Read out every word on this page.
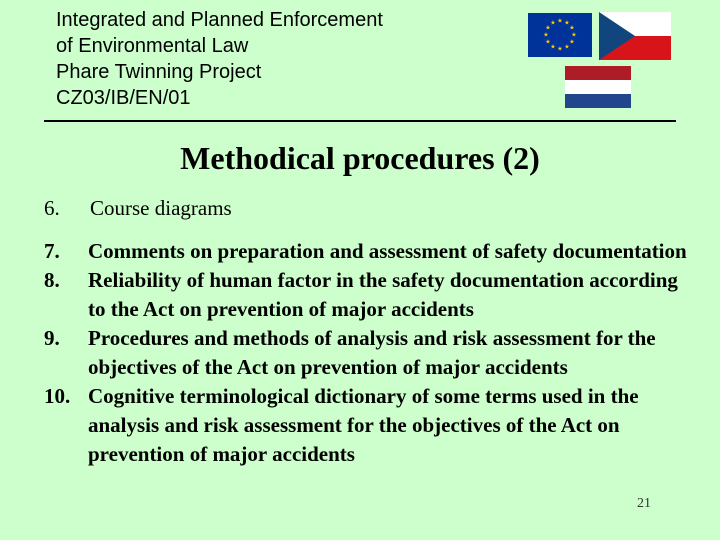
Integrated and Planned Enforcement
of Environmental Law
Phare Twinning Project
CZ03/IB/EN/01
★ ★
★
★
★
★
★
★
★
★
★
★
Methodical procedures (2)
6. Course diagrams
7. Comments on preparation and assessment of safety documentation
8. Reliability of human factor in the safety documentation according to the Act on prevention of major accidents
9. Procedures and methods of analysis and risk assessment for the objectives of the Act on prevention of major accidents
10. Cognitive terminological dictionary of some terms used in the analysis and risk assessment for the objectives of the Act on prevention of major accidents
21
